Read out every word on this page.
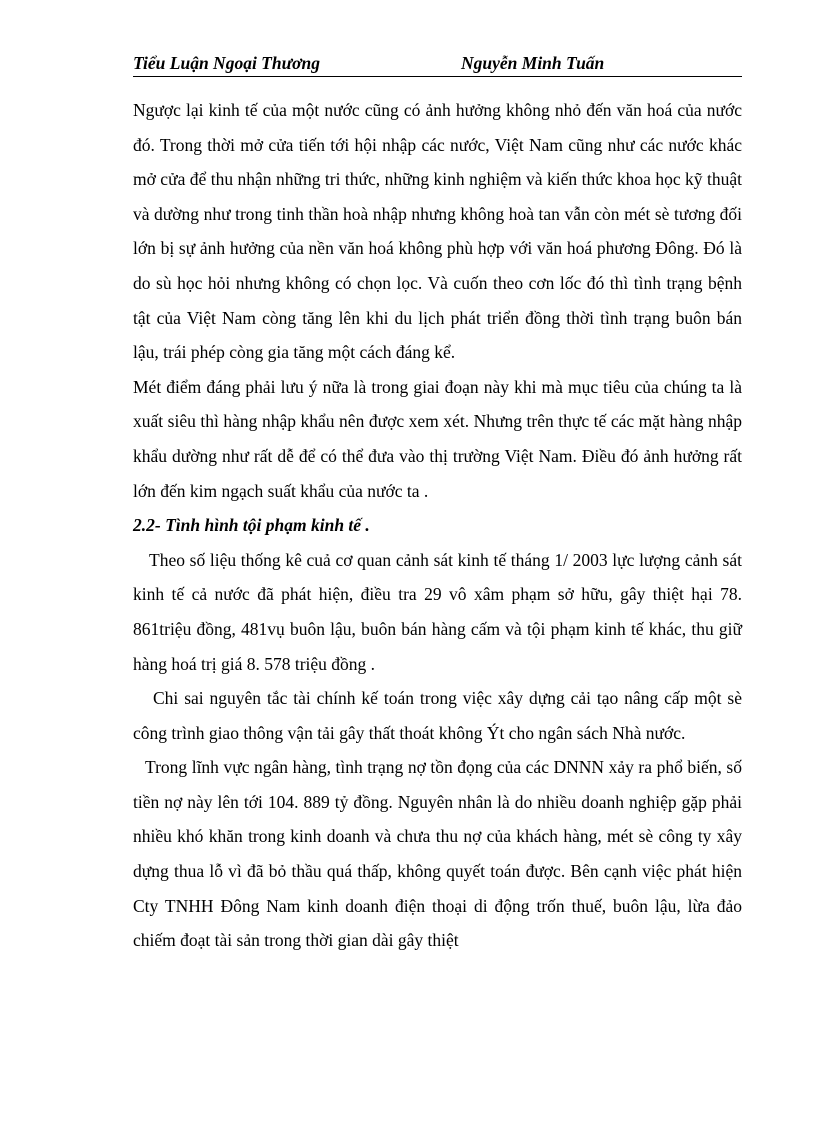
Tiểu Luận Ngoại Thương	Nguyễn Minh Tuấn

Ngược lại kinh tế của một nước cũng có ảnh hưởng không nhỏ đến văn hoá của nước đó. Trong thời mở cửa tiến tới hội nhập các nước, Việt Nam cũng như các nước khác mở cửa để thu nhận những tri thức, những kinh nghiệm và kiến thức khoa học kỹ thuật và dường như trong tinh thần hoà nhập nhưng không hoà tan vẫn còn mét sè tương đối lớn bị sự ảnh hưởng của nền văn hoá không phù hợp với văn hoá phương Đông. Đó là do sù học hỏi nhưng không có chọn lọc. Và cuốn theo cơn lốc đó thì tình trạng bệnh tật của Việt Nam còng tăng lên khi du lịch phát triển đồng thời tình trạng buôn bán lậu, trái phép còng gia tăng một cách đáng kể.

Mét điểm đáng phải lưu ý nữa là trong giai đoạn này khi mà mục tiêu của chúng ta là xuất siêu thì hàng nhập khẩu nên được xem xét. Nhưng trên thực tế các mặt hàng nhập khẩu dường như rất dễ để có thể đưa vào thị trường Việt Nam. Điều đó ảnh hưởng rất lớn đến kim ngạch suất khẩu của nước ta .

2.2- Tình hình tội phạm kinh tế .

Theo số liệu thống kê cuả cơ quan cảnh sát kinh tế tháng 1/ 2003 lực lượng cảnh sát kinh tế cả nước đã phát hiện, điều tra 29 vô xâm phạm sở hữu, gây thiệt hại 78. 861triệu đồng, 481vụ buôn lậu, buôn bán hàng cấm và tội phạm kinh tế khác, thu giữ hàng hoá trị giá 8. 578 triệu đồng .

Chi sai nguyên tắc tài chính kế toán trong việc xây dựng cải tạo nâng cấp một sè công trình giao thông vận tải gây thất thoát không Ýt cho ngân sách Nhà nước.

Trong lĩnh vực ngân hàng, tình trạng nợ tồn đọng của các DNNN xảy ra phổ biến, số tiền nợ này lên tới 104. 889 tỷ đồng. Nguyên nhân là do nhiều doanh nghiệp gặp phải nhiều khó khăn trong kinh doanh và chưa thu nợ của khách hàng, mét sè công ty xây dựng thua lỗ vì đã bỏ thầu quá thấp, không quyết toán được. Bên cạnh việc phát hiện Cty TNHH Đông Nam kinh doanh điện thoại di động trốn thuế, buôn lậu, lừa đảo chiếm đoạt tài sản trong thời gian dài gây thiệt
